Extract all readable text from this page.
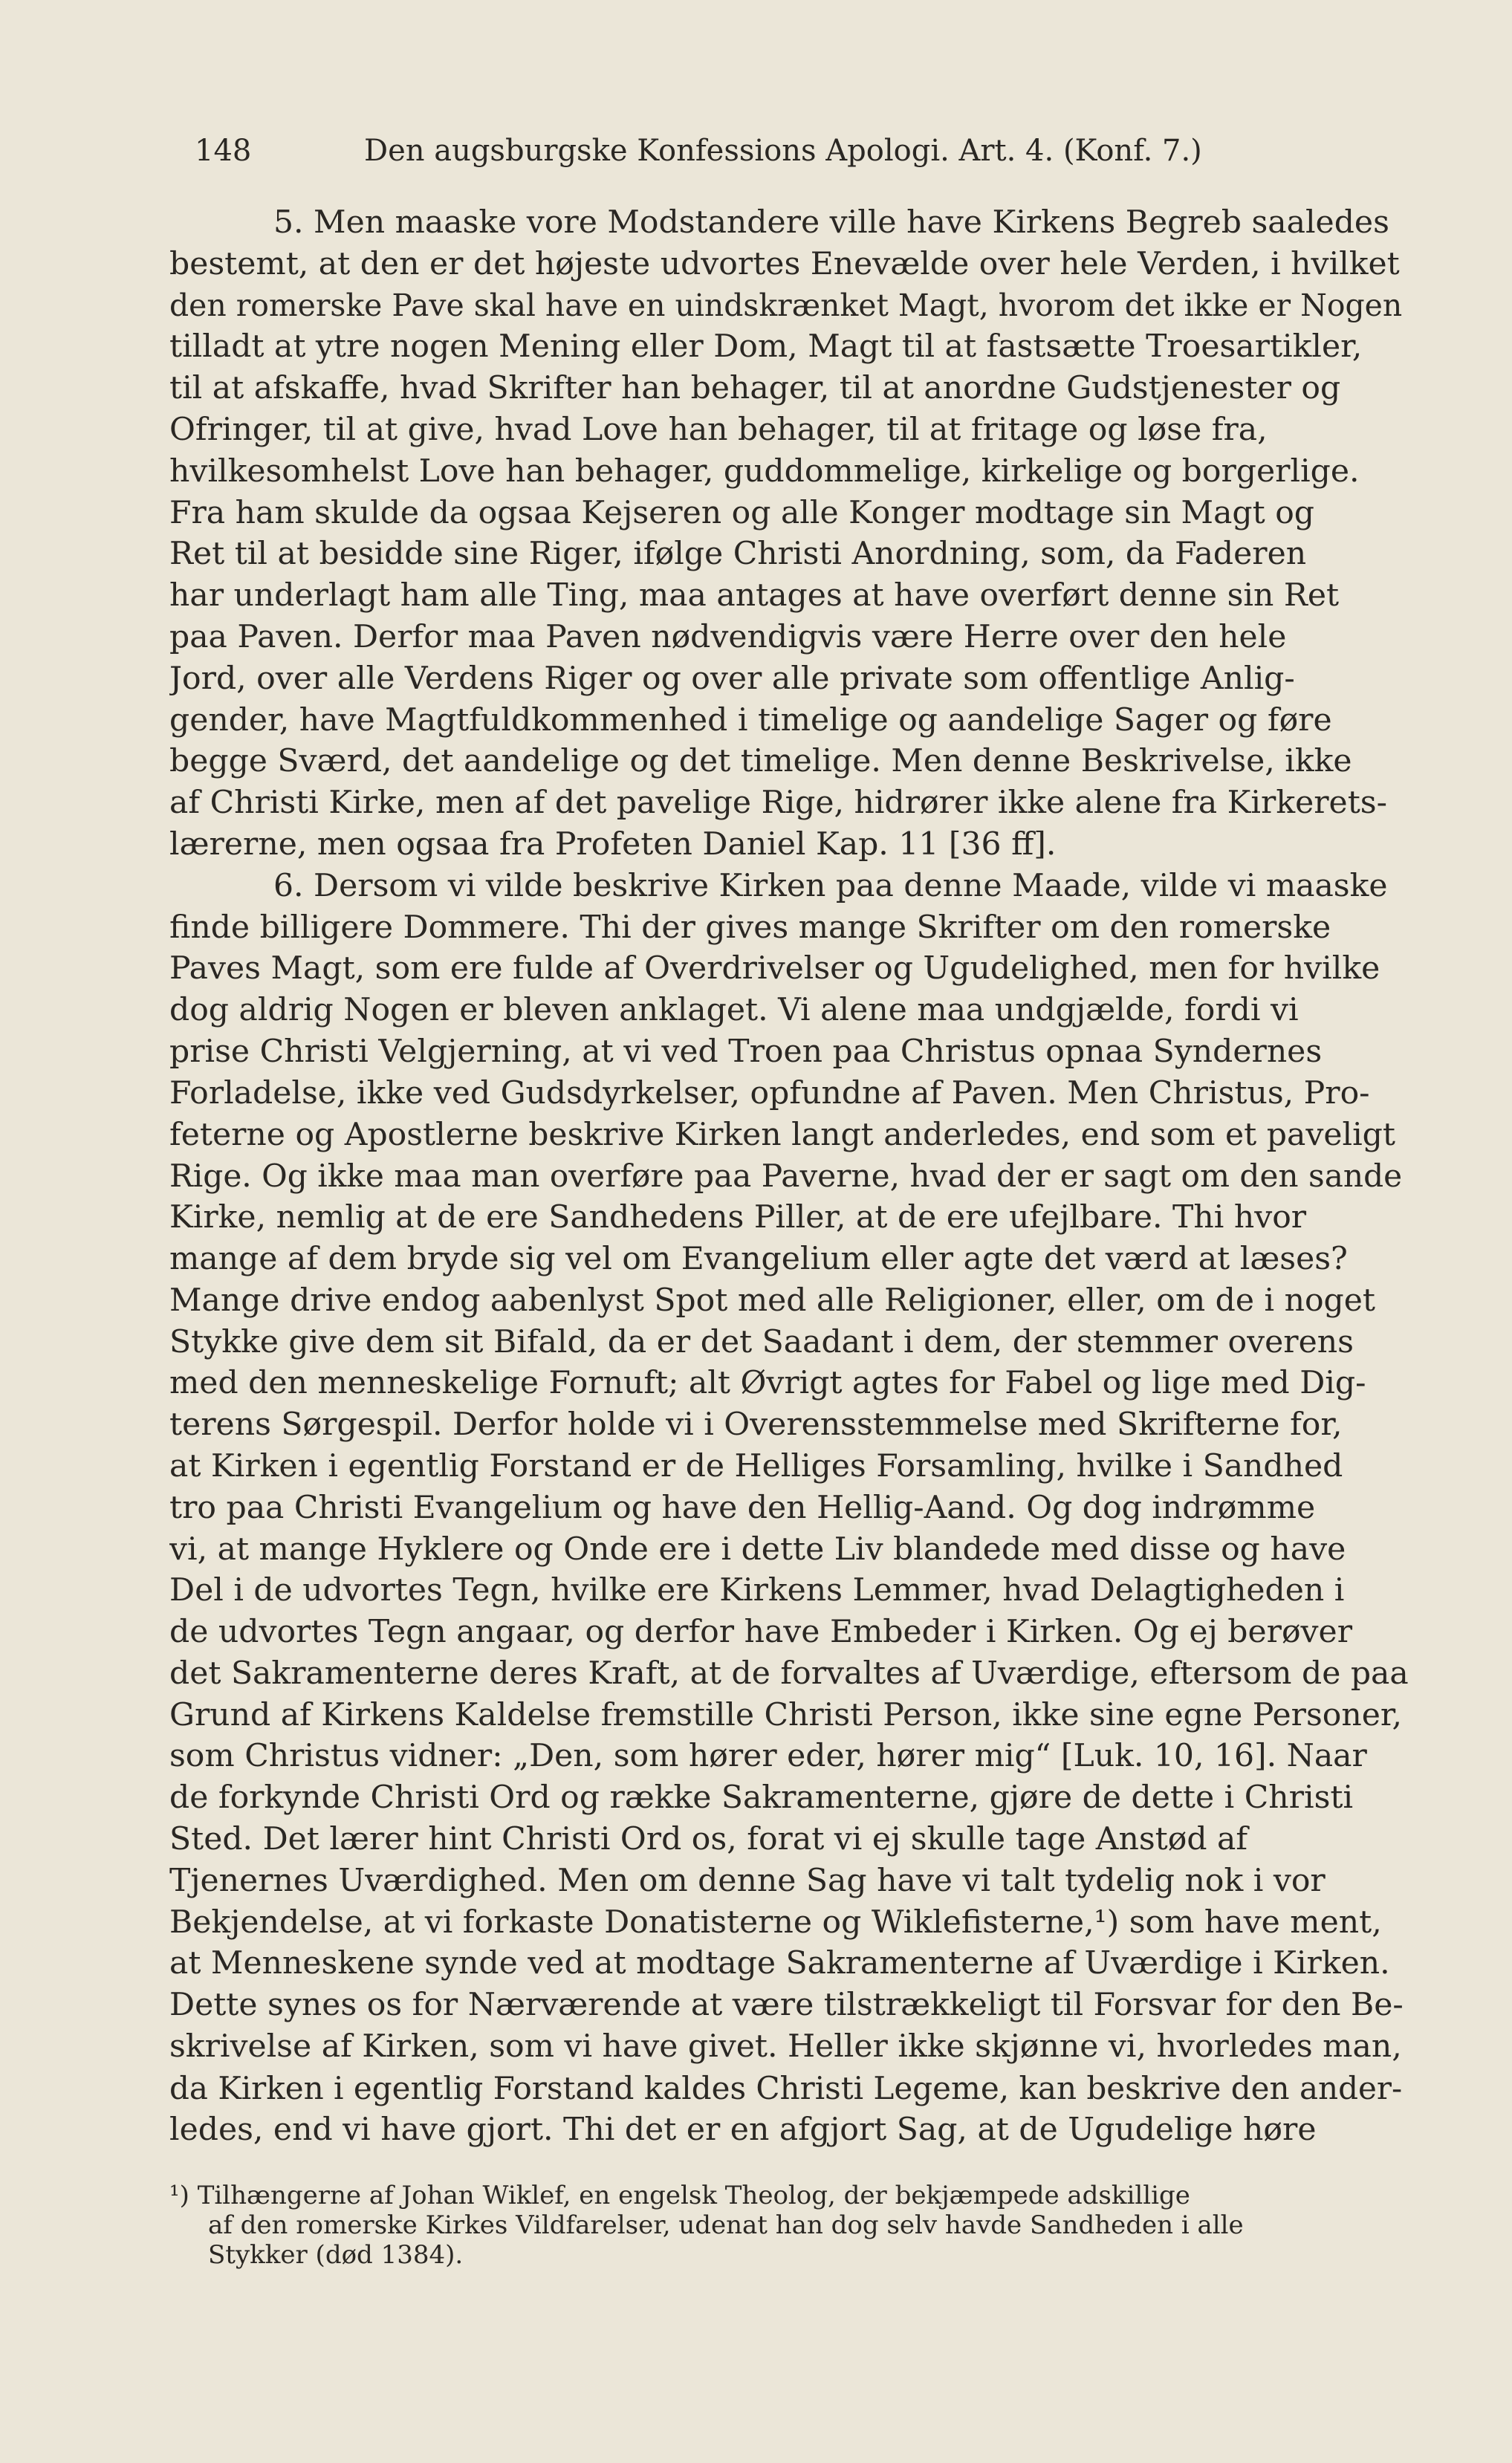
148	Den augsburgske Konfessions Apologi. Art. 4. (Konf. 7.)
5. Men maaske vore Modstandere ville have Kirkens Begreb saaledes
bestemt, at den er det højeste udvortes Enevælde over hele Verden, i hvilket
den romerske Pave skal have en uindskrænket Magt, hvorom det ikke er Nogen
tilladt at ytre nogen Mening eller Dom, Magt til at fastsætte Troesartikler,
til at afskaffe, hvad Skrifter han behager, til at anordne Gudstjenester og
Ofringer, til at give, hvad Love han behager, til at fritage og løse fra,
hvilkesomhelst Love han behager, guddommelige, kirkelige og borgerlige.
Fra ham skulde da ogsaa Kejseren og alle Konger modtage sin Magt og
Ret til at besidde sine Riger, ifølge Christi Anordning, som, da Faderen
har underlagt ham alle Ting, maa antages at have overført denne sin Ret
paa Paven. Derfor maa Paven nødvendigvis være Herre over den hele
Jord, over alle Verdens Riger og over alle private som offentlige Anlig-
gender, have Magtfuldkommenhed i timelige og aandelige Sager og føre
begge Sværd, det aandelige og det timelige. Men denne Beskrivelse, ikke
af Christi Kirke, men af det pavelige Rige, hidrører ikke alene fra Kirkerets-
lærerne, men ogsaa fra Profeten Daniel Kap. 11 [36 ff].
6. Dersom vi vilde beskrive Kirken paa denne Maade, vilde vi maaske
finde billigere Dommere. Thi der gives mange Skrifter om den romerske
Paves Magt, som ere fulde af Overdrivelser og Ugudelighed, men for hvilke
dog aldrig Nogen er bleven anklaget. Vi alene maa undgjælde, fordi vi
prise Christi Velgjerning, at vi ved Troen paa Christus opnaa Syndernes
Forladelse, ikke ved Gudsdyrkelser, opfundne af Paven. Men Christus, Pro-
feterne og Apostlerne beskrive Kirken langt anderledes, end som et paveligt
Rige. Og ikke maa man overføre paa Paverne, hvad der er sagt om den sande
Kirke, nemlig at de ere Sandhedens Piller, at de ere ufejlbare. Thi hvor
mange af dem bryde sig vel om Evangelium eller agte det værd at læses?
Mange drive endog aabenlyst Spot med alle Religioner, eller, om de i noget
Stykke give dem sit Bifald, da er det Saadant i dem, der stemmer overens
med den menneskelige Fornuft; alt Øvrigt agtes for Fabel og lige med Dig-
terens Sørgespil. Derfor holde vi i Overensstemmelse med Skrifterne for,
at Kirken i egentlig Forstand er de Helliges Forsamling, hvilke i Sandhed
tro paa Christi Evangelium og have den Hellig-Aand. Og dog indrømme
vi, at mange Hyklere og Onde ere i dette Liv blandede med disse og have
Del i de udvortes Tegn, hvilke ere Kirkens Lemmer, hvad Delagtigheden i
de udvortes Tegn angaar, og derfor have Embeder i Kirken. Og ej berøver
det Sakramenterne deres Kraft, at de forvaltes af Uværdige, eftersom de paa
Grund af Kirkens Kaldelse fremstille Christi Person, ikke sine egne Personer,
som Christus vidner: „Den, som hører eder, hører mig“ [Luk. 10, 16]. Naar
de forkynde Christi Ord og række Sakramenterne, gjøre de dette i Christi
Sted. Det lærer hint Christi Ord os, forat vi ej skulle tage Anstød af
Tjenernes Uværdighed. Men om denne Sag have vi talt tydelig nok i vor
Bekjendelse, at vi forkaste Donatisterne og Wiklefisterne,¹) som have ment,
at Menneskene synde ved at modtage Sakramenterne af Uværdige i Kirken.
Dette synes os for Nærværende at være tilstrækkeligt til Forsvar for den Be-
skrivelse af Kirken, som vi have givet. Heller ikke skjønne vi, hvorledes man,
da Kirken i egentlig Forstand kaldes Christi Legeme, kan beskrive den ander-
ledes, end vi have gjort. Thi det er en afgjort Sag, at de Ugudelige høre
¹) Tilhængerne af Johan Wiklef, en engelsk Theolog, der bekjæmpede adskillige
af den romerske Kirkes Vildfarelser, udenat han dog selv havde Sandheden i alle
Stykker (død 1384).
